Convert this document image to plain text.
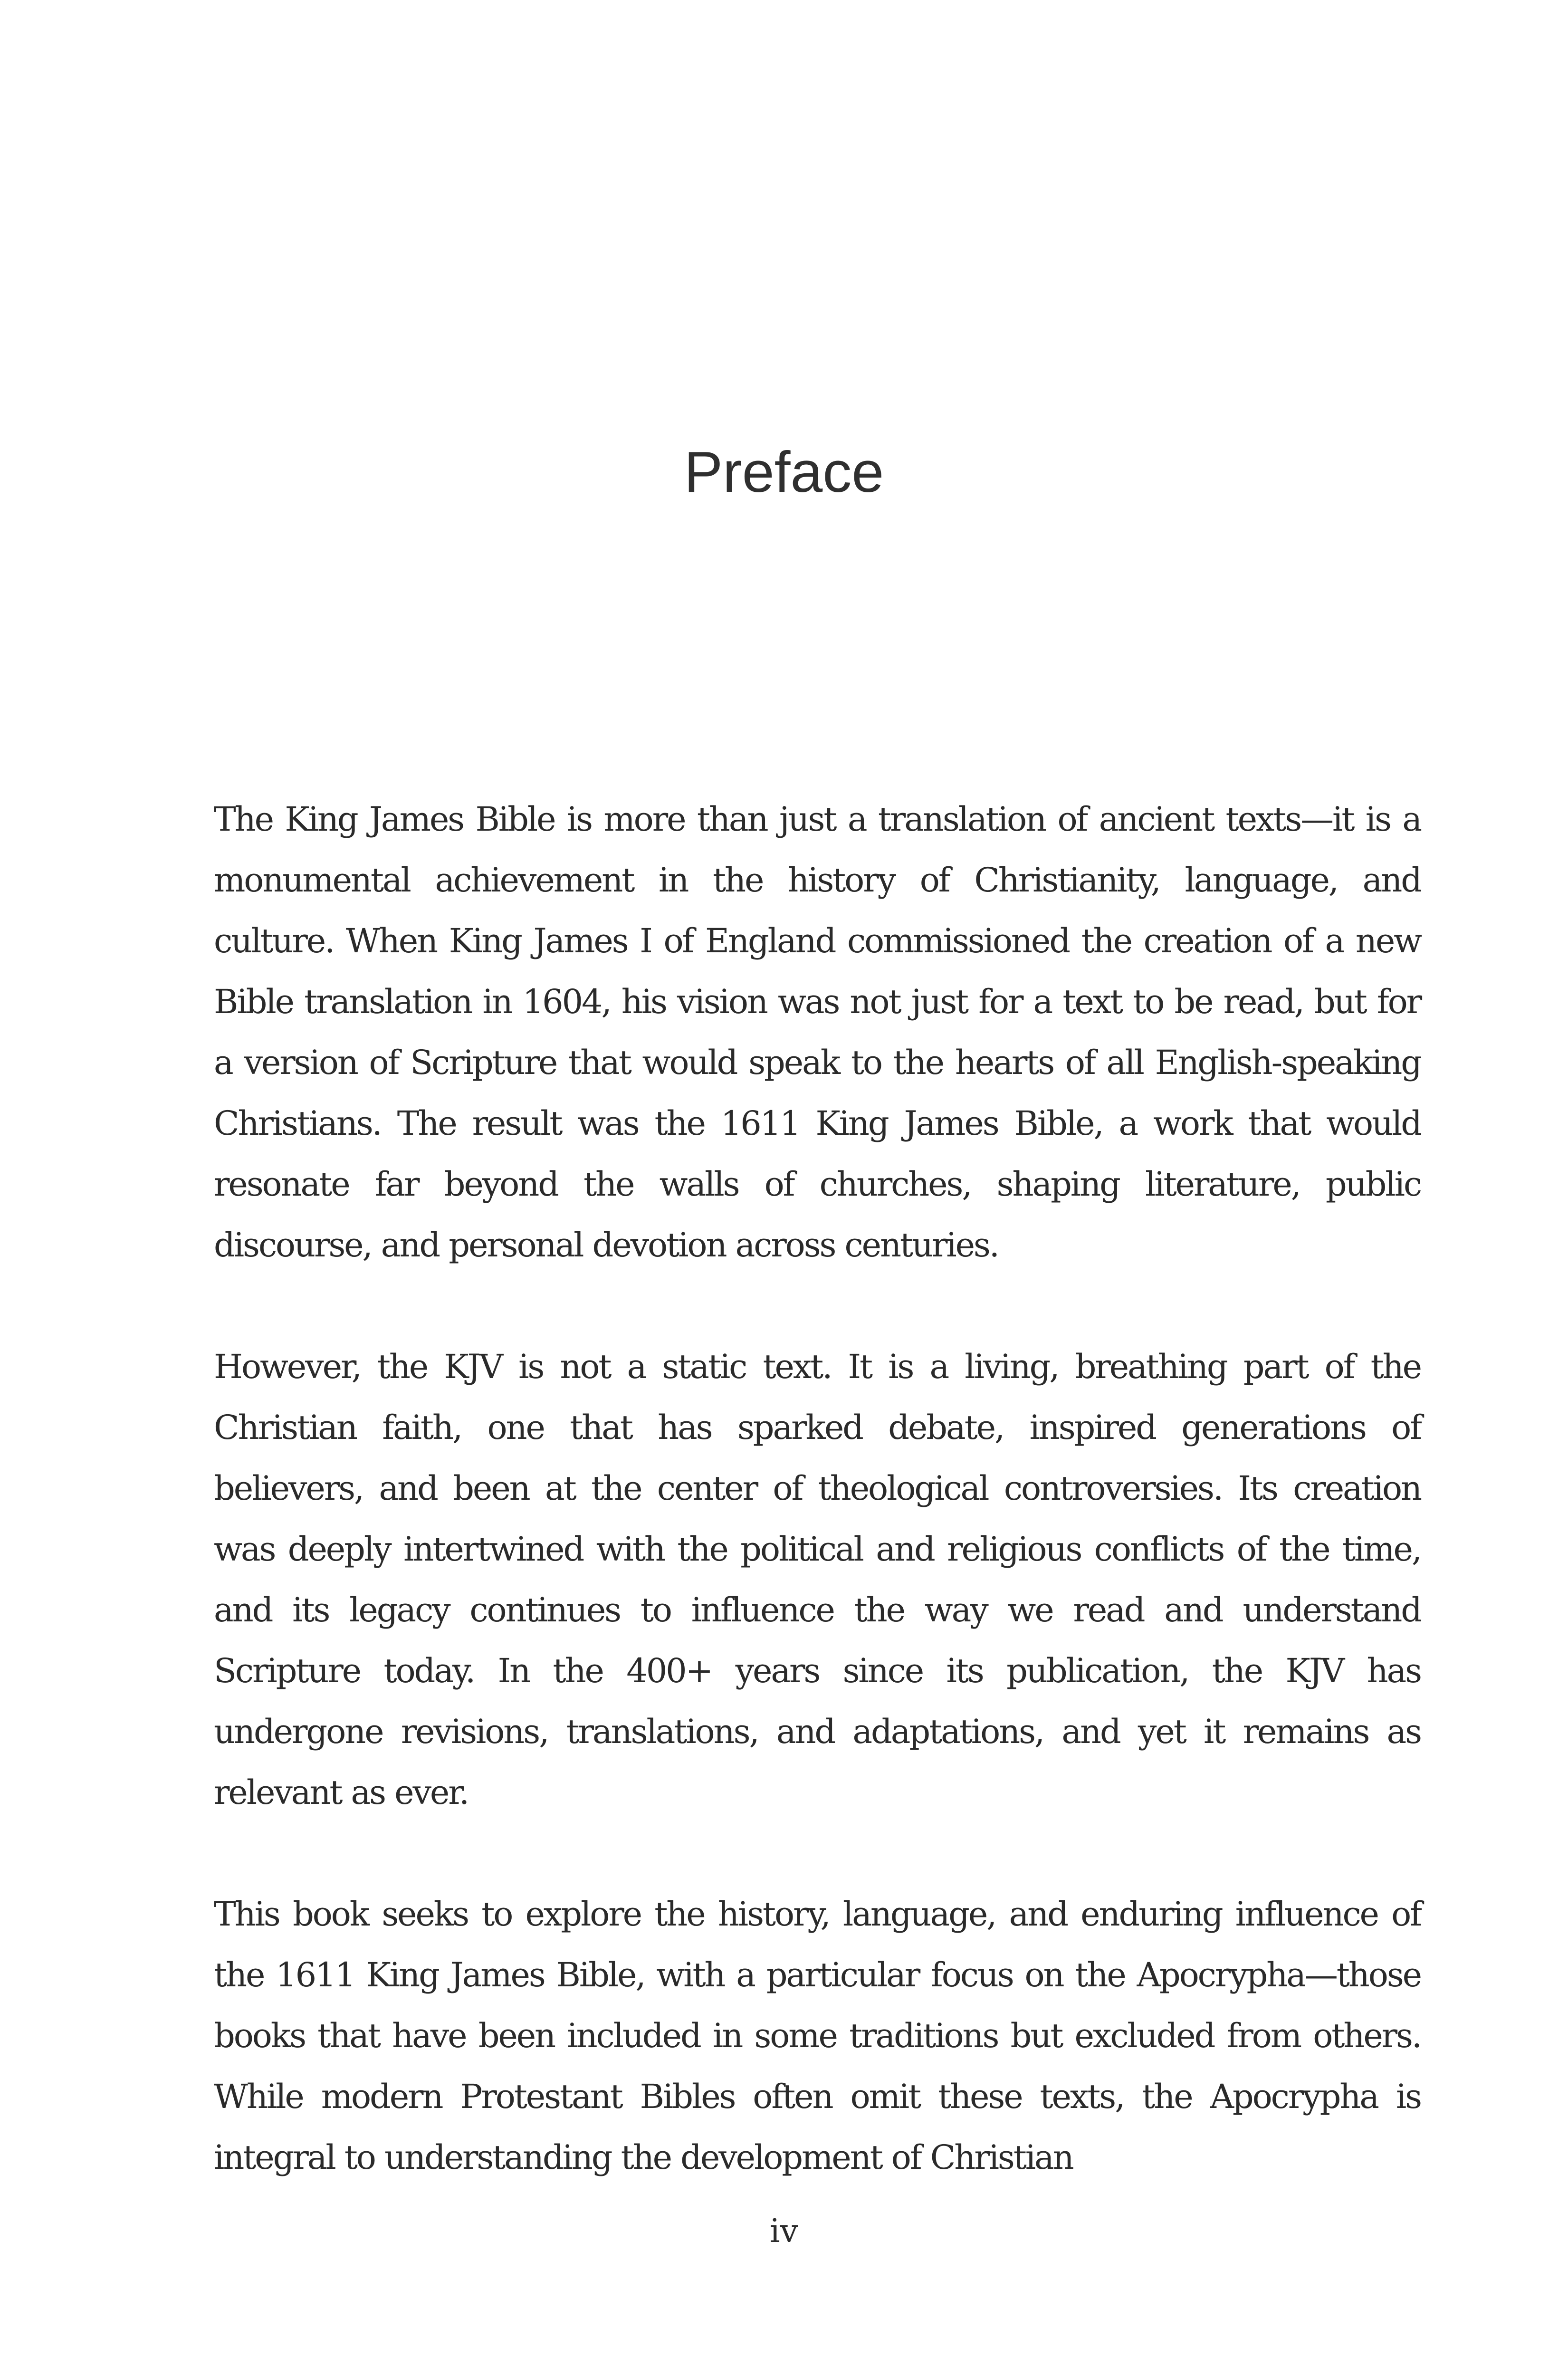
Preface

The King James Bible is more than just a translation of ancient texts—it is a monumental achievement in the history of Christianity, language, and culture. When King James I of England commissioned the creation of a new Bible translation in 1604, his vision was not just for a text to be read, but for a version of Scripture that would speak to the hearts of all English-speaking Christians. The result was the 1611 King James Bible, a work that would resonate far beyond the walls of churches, shaping literature, public discourse, and personal devotion across centuries.

However, the KJV is not a static text. It is a living, breathing part of the Christian faith, one that has sparked debate, inspired generations of believers, and been at the center of theological controversies. Its creation was deeply intertwined with the political and religious conflicts of the time, and its legacy continues to influence the way we read and understand Scripture today. In the 400+ years since its publication, the KJV has undergone revisions, translations, and adaptations, and yet it remains as relevant as ever.

This book seeks to explore the history, language, and enduring influence of the 1611 King James Bible, with a particular focus on the Apocrypha—those books that have been included in some traditions but excluded from others. While modern Protestant Bibles often omit these texts, the Apocrypha is integral to understanding the development of Christian

iv
